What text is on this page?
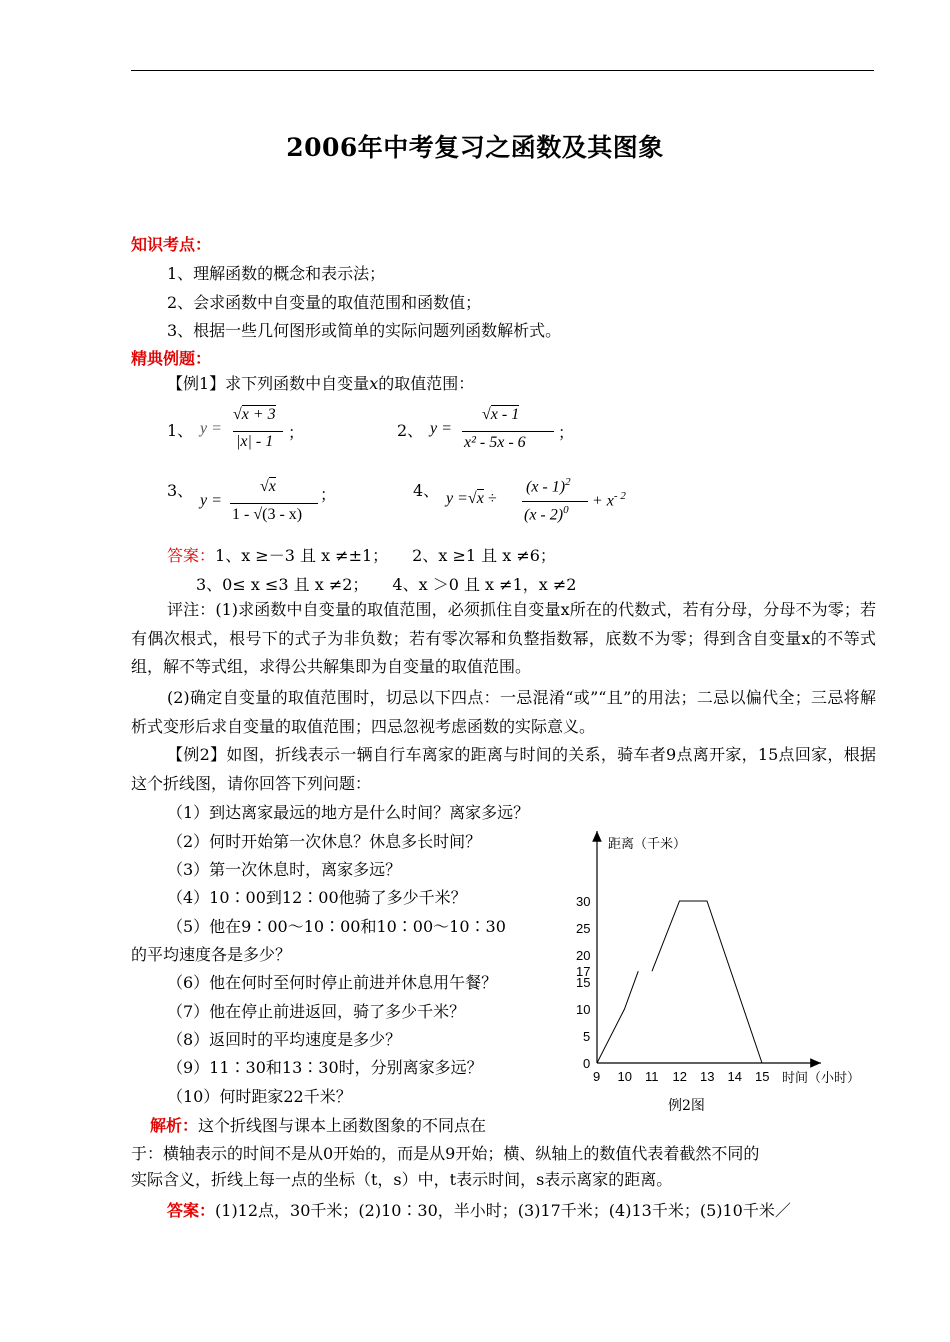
2006年中考复习之函数及其图象
知识考点：
1、理解函数的概念和表示法；
2、会求函数中自变量的取值范围和函数值；
3、根据一些几何图形或简单的实际问题列函数解析式。
精典例题：
【例1】求下列函数中自变量x的取值范围：
1、 y =
√x + 3
|x| - 1 ；	2、 y =
√x - 1
x² - 5x - 6
；
3、
y =
√x
1 - √(3 - x)
；	4、 y =√x ÷
(x - 1)$^2$
(x - 2)$^0$
+ $x^{- 2}$
答案：1、x ≥－3 且 x ≠±1；　　2、x ≥1 且 x ≠6；
3、0≤ x ≤3 且 x ≠2；　　4、x ＞0 且 x ≠1，x ≠2
评注：(1)求函数中自变量的取值范围，必须抓住自变量x所在的代数式，若有分母，分母不为零；若有偶次根式，根号下的式子为非负数；若有零次幂和负整指数幂，底数不为零；得到含自变量x的不等式组，解不等式组，求得公共解集即为自变量的取值范围。
(2)确定自变量的取值范围时，切忌以下四点：一忌混淆“或”“且”的用法；二忌以偏代全；三忌将解析式变形后求自变量的取值范围；四忌忽视考虑函数的实际意义。
【例2】如图，折线表示一辆自行车离家的距离与时间的关系，骑车者9点离开家，15点回家，根据这个折线图，请你回答下列问题：
（1）到达离家最远的地方是什么时间？离家多远？
（2）何时开始第一次休息？休息多长时间？
（3）第一次休息时，离家多远？
（4）10∶00到12∶00他骑了多少千米？
（5）他在9∶00～10∶00和10∶00～10∶30
的平均速度各是多少？
（6）他在何时至何时停止前进并休息用午餐？
（7）他在停止前进返回，骑了多少千米？
（8）返回时的平均速度是多少？
（9）11∶30和13∶30时，分别离家多远？
（10）何时距家22千米？
距离（千米）
时间（小时）
9 10 11 12 13 14 15
0
5
10
15
17
20
25
30
例2图
解析：这个折线图与课本上函数图象的不同点在
于：横轴表示的时间不是从0开始的，而是从9开始；横、纵轴上的数值代表着截然不同的
实际含义，折线上每一点的坐标（t，s）中，t表示时间，s表示离家的距离。
答案：(1)12点，30千米；(2)10∶30，半小时；(3)17千米；(4)13千米；(5)10千米／
